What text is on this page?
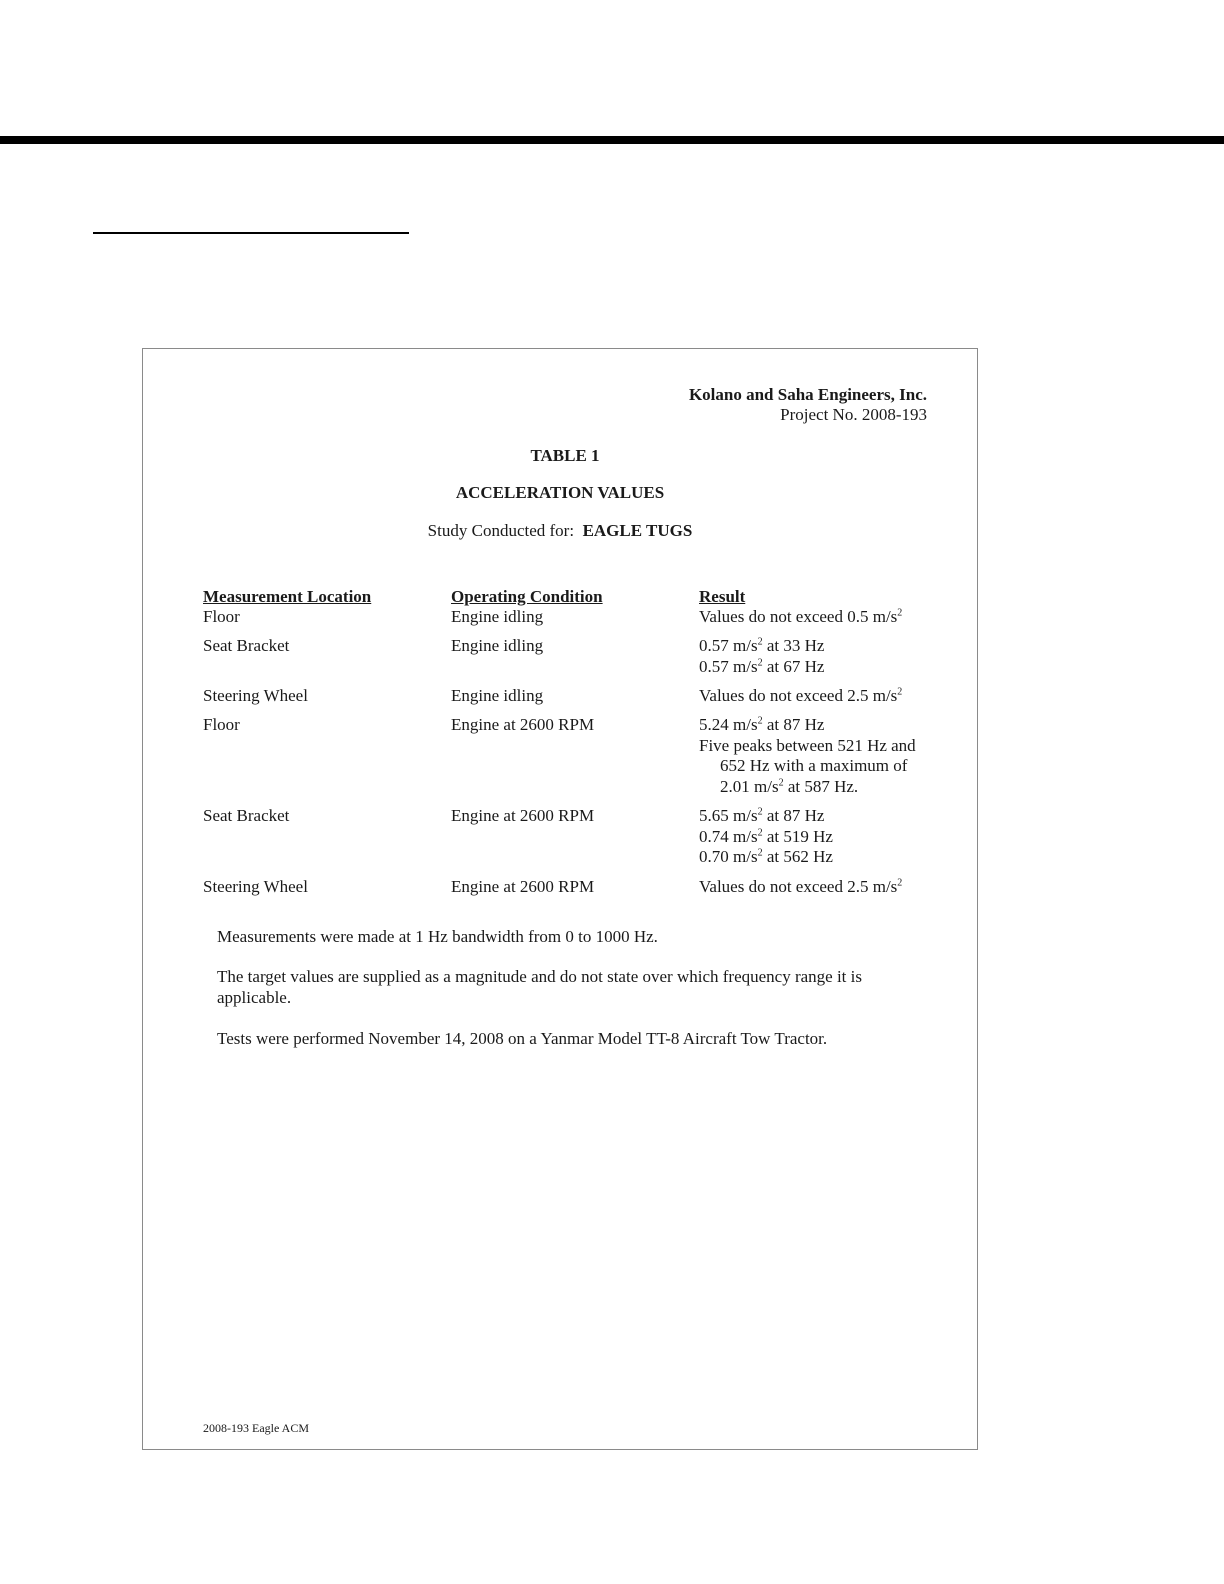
Kolano and Saha Engineers, Inc.
Project No. 2008-193
TABLE 1
ACCELERATION VALUES
Study Conducted for: EAGLE TUGS
Measurement Location	Operating Condition	Result
Floor	Engine idling	Values do not exceed 0.5 $m/s^2$
Seat Bracket	Engine idling	0.57 $m/s^2$ at 33 Hz
0.57 $m/s^2$ at 67 Hz
Steering Wheel	Engine idling	Values do not exceed 2.5 $m/s^2$
Floor	Engine at 2600 RPM	5.24 $m/s^2$ at 87 Hz
Five peaks between 521 Hz and
652 Hz with a maximum of
2.01 $m/s^2$ at 587 Hz.
Seat Bracket	Engine at 2600 RPM	5.65 $m/s^2$ at 87 Hz
0.74 $m/s^2$ at 519 Hz
0.70 $m/s^2$ at 562 Hz
Steering Wheel	Engine at 2600 RPM	Values do not exceed 2.5 $m/s^2$
Measurements were made at 1 Hz bandwidth from 0 to 1000 Hz.
The target values are supplied as a magnitude and do not state over which frequency range it is applicable.
Tests were performed November 14, 2008 on a Yanmar Model TT-8 Aircraft Tow Tractor.
2008-193 Eagle ACM
